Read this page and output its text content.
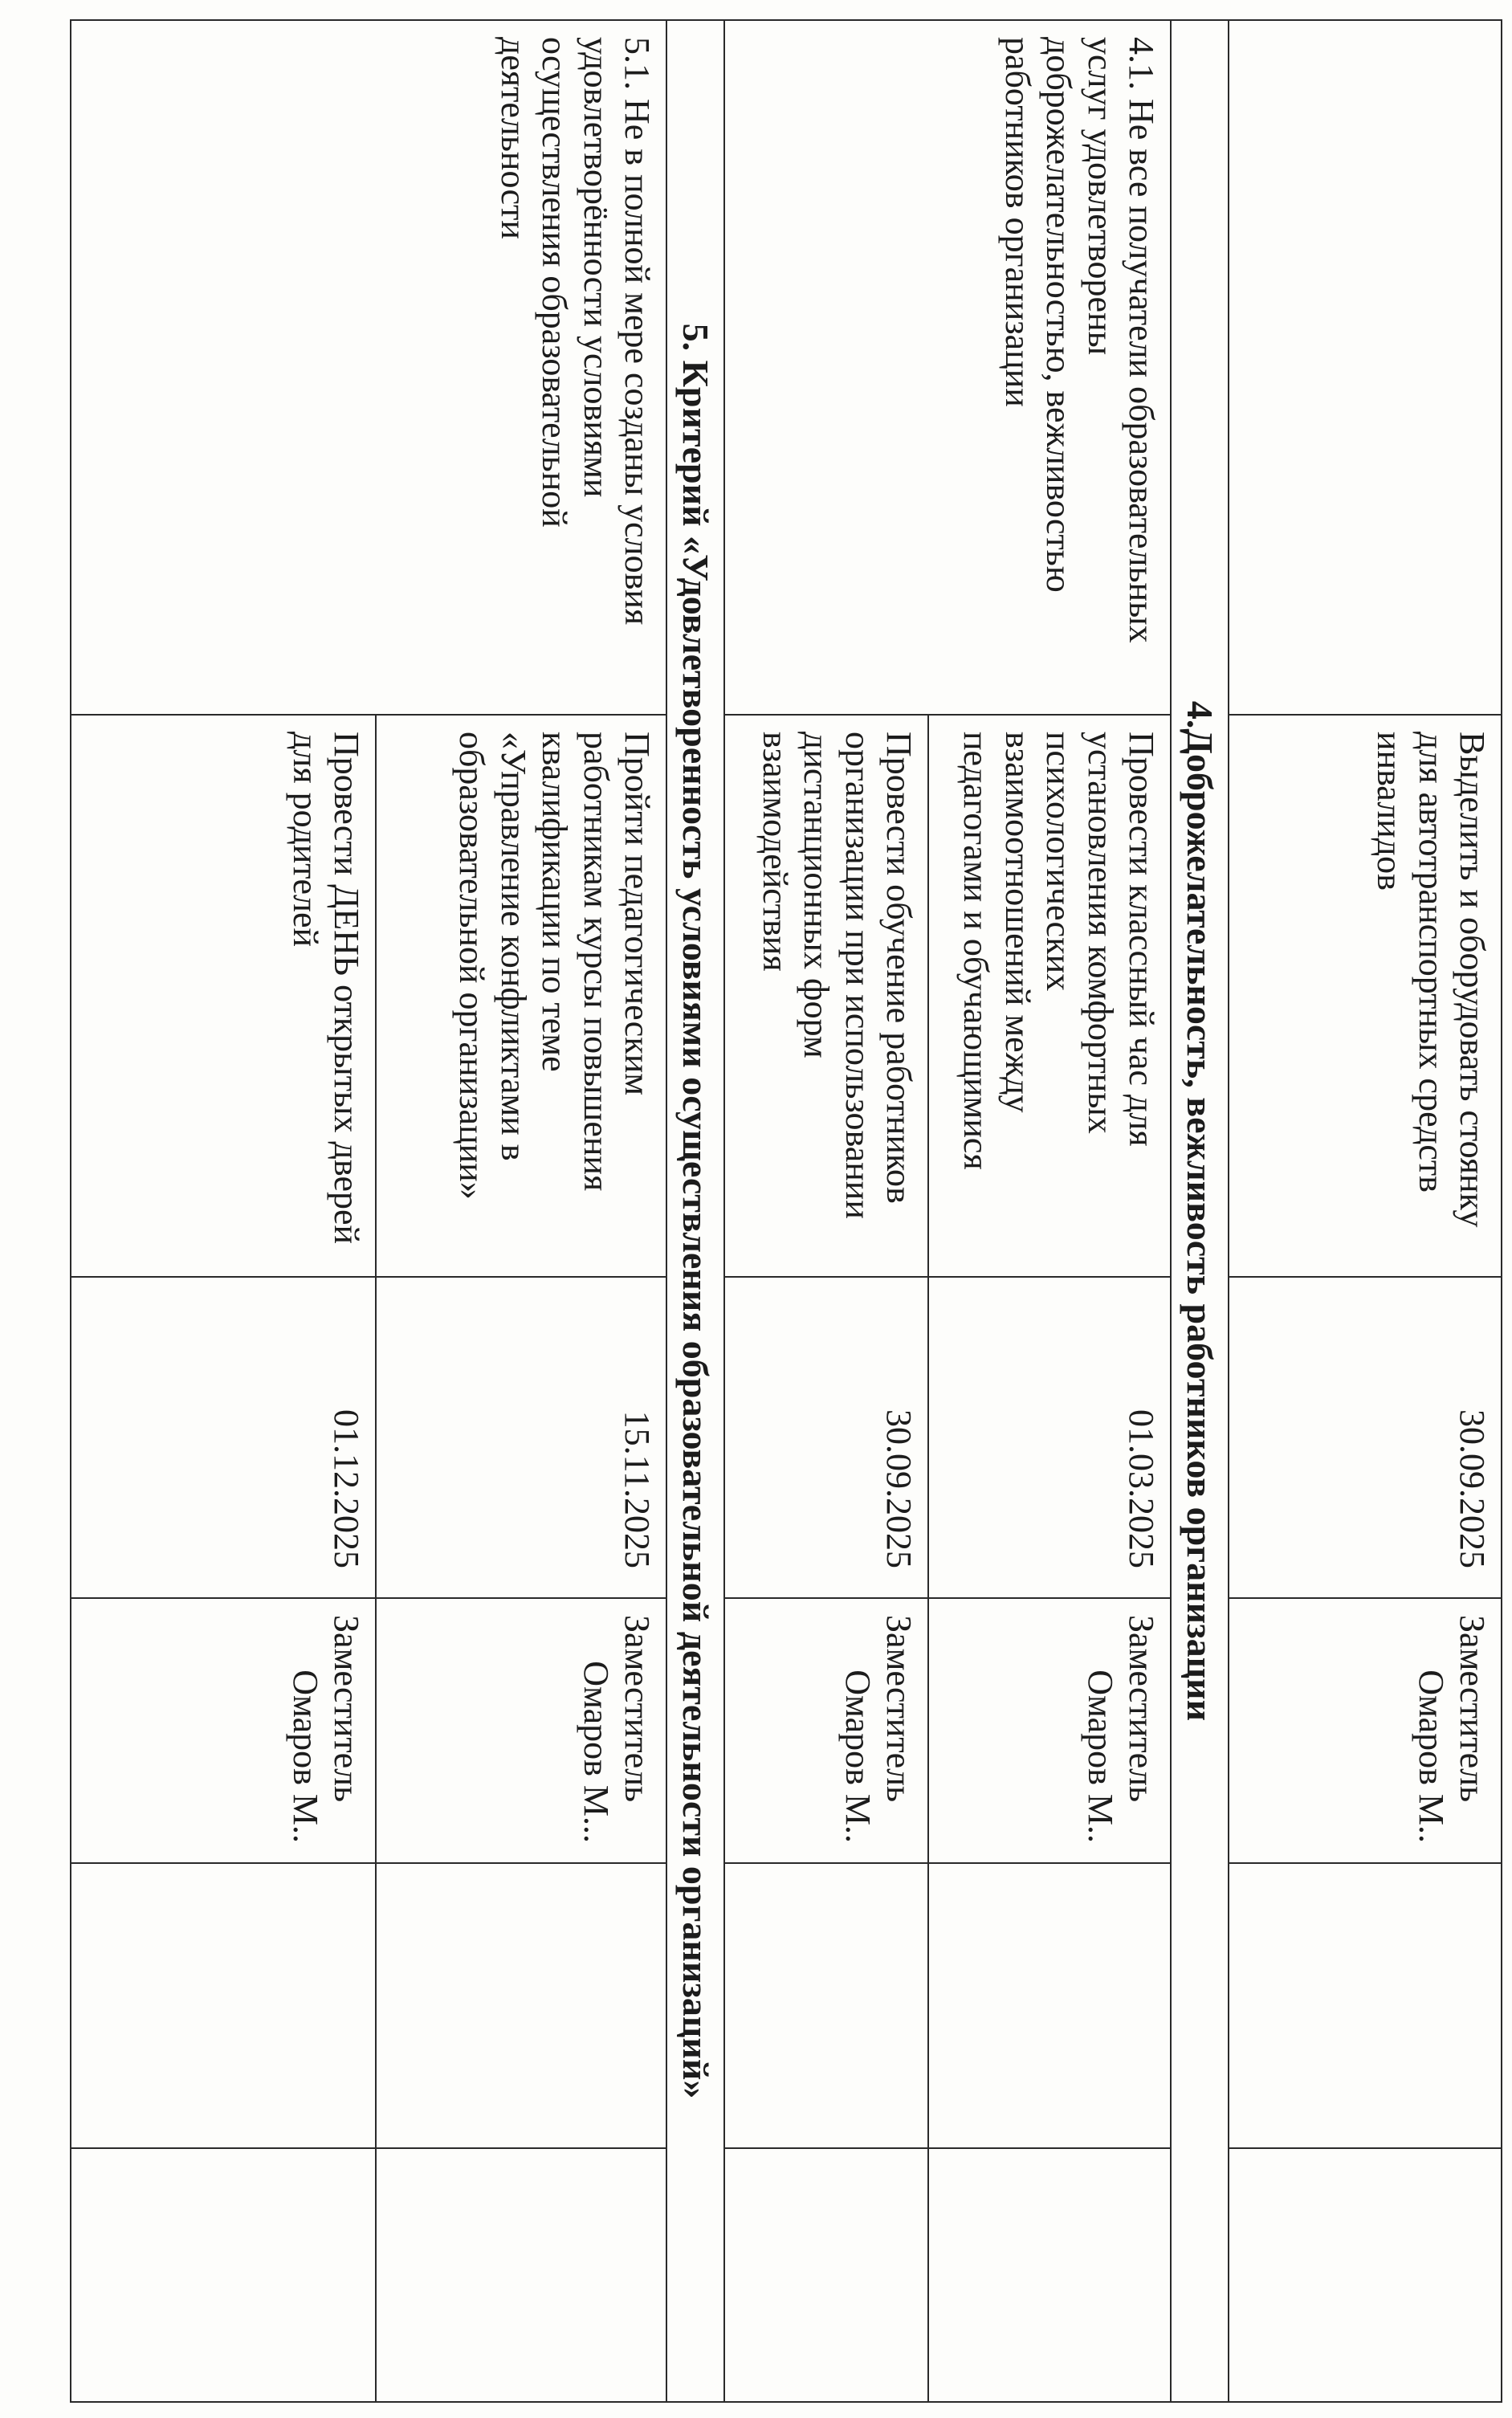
	Выделить и оборудовать стоянку для автотранспортных средств инвалидов	30.09.2025	Заместитель
Омаров М..		

4.Доброжелательность, вежливость работников организации					
4.1. Не все получатели образовательных услуг удовлетворены доброжелательностью, вежливостью работников организации	Провести классный час для установления комфортных психологических взаимоотношений между педагогами и обучающимися	01.03.2025	Заместитель
Омаров М..		

	Провести обучение работников организации при использовании дистанционных форм взаимодействия	30.09.2025	Заместитель
Омаров М..		

5. Критерий «Удовлетворенность условиями осуществления образовательной деятельности организаций»					
5.1. Не в полной мере созданы условия удовлетворённости условиями осуществления образовательной деятельности	Пройти педагогическим работникам курсы повышения квалификации по теме «Управление конфликтами в образовательной организации»	15.11.2025	Заместитель
Омаров М...		

	Провести ДЕНЬ открытых дверей для родителей	01.12.2025	Заместитель
Омаров М..		
